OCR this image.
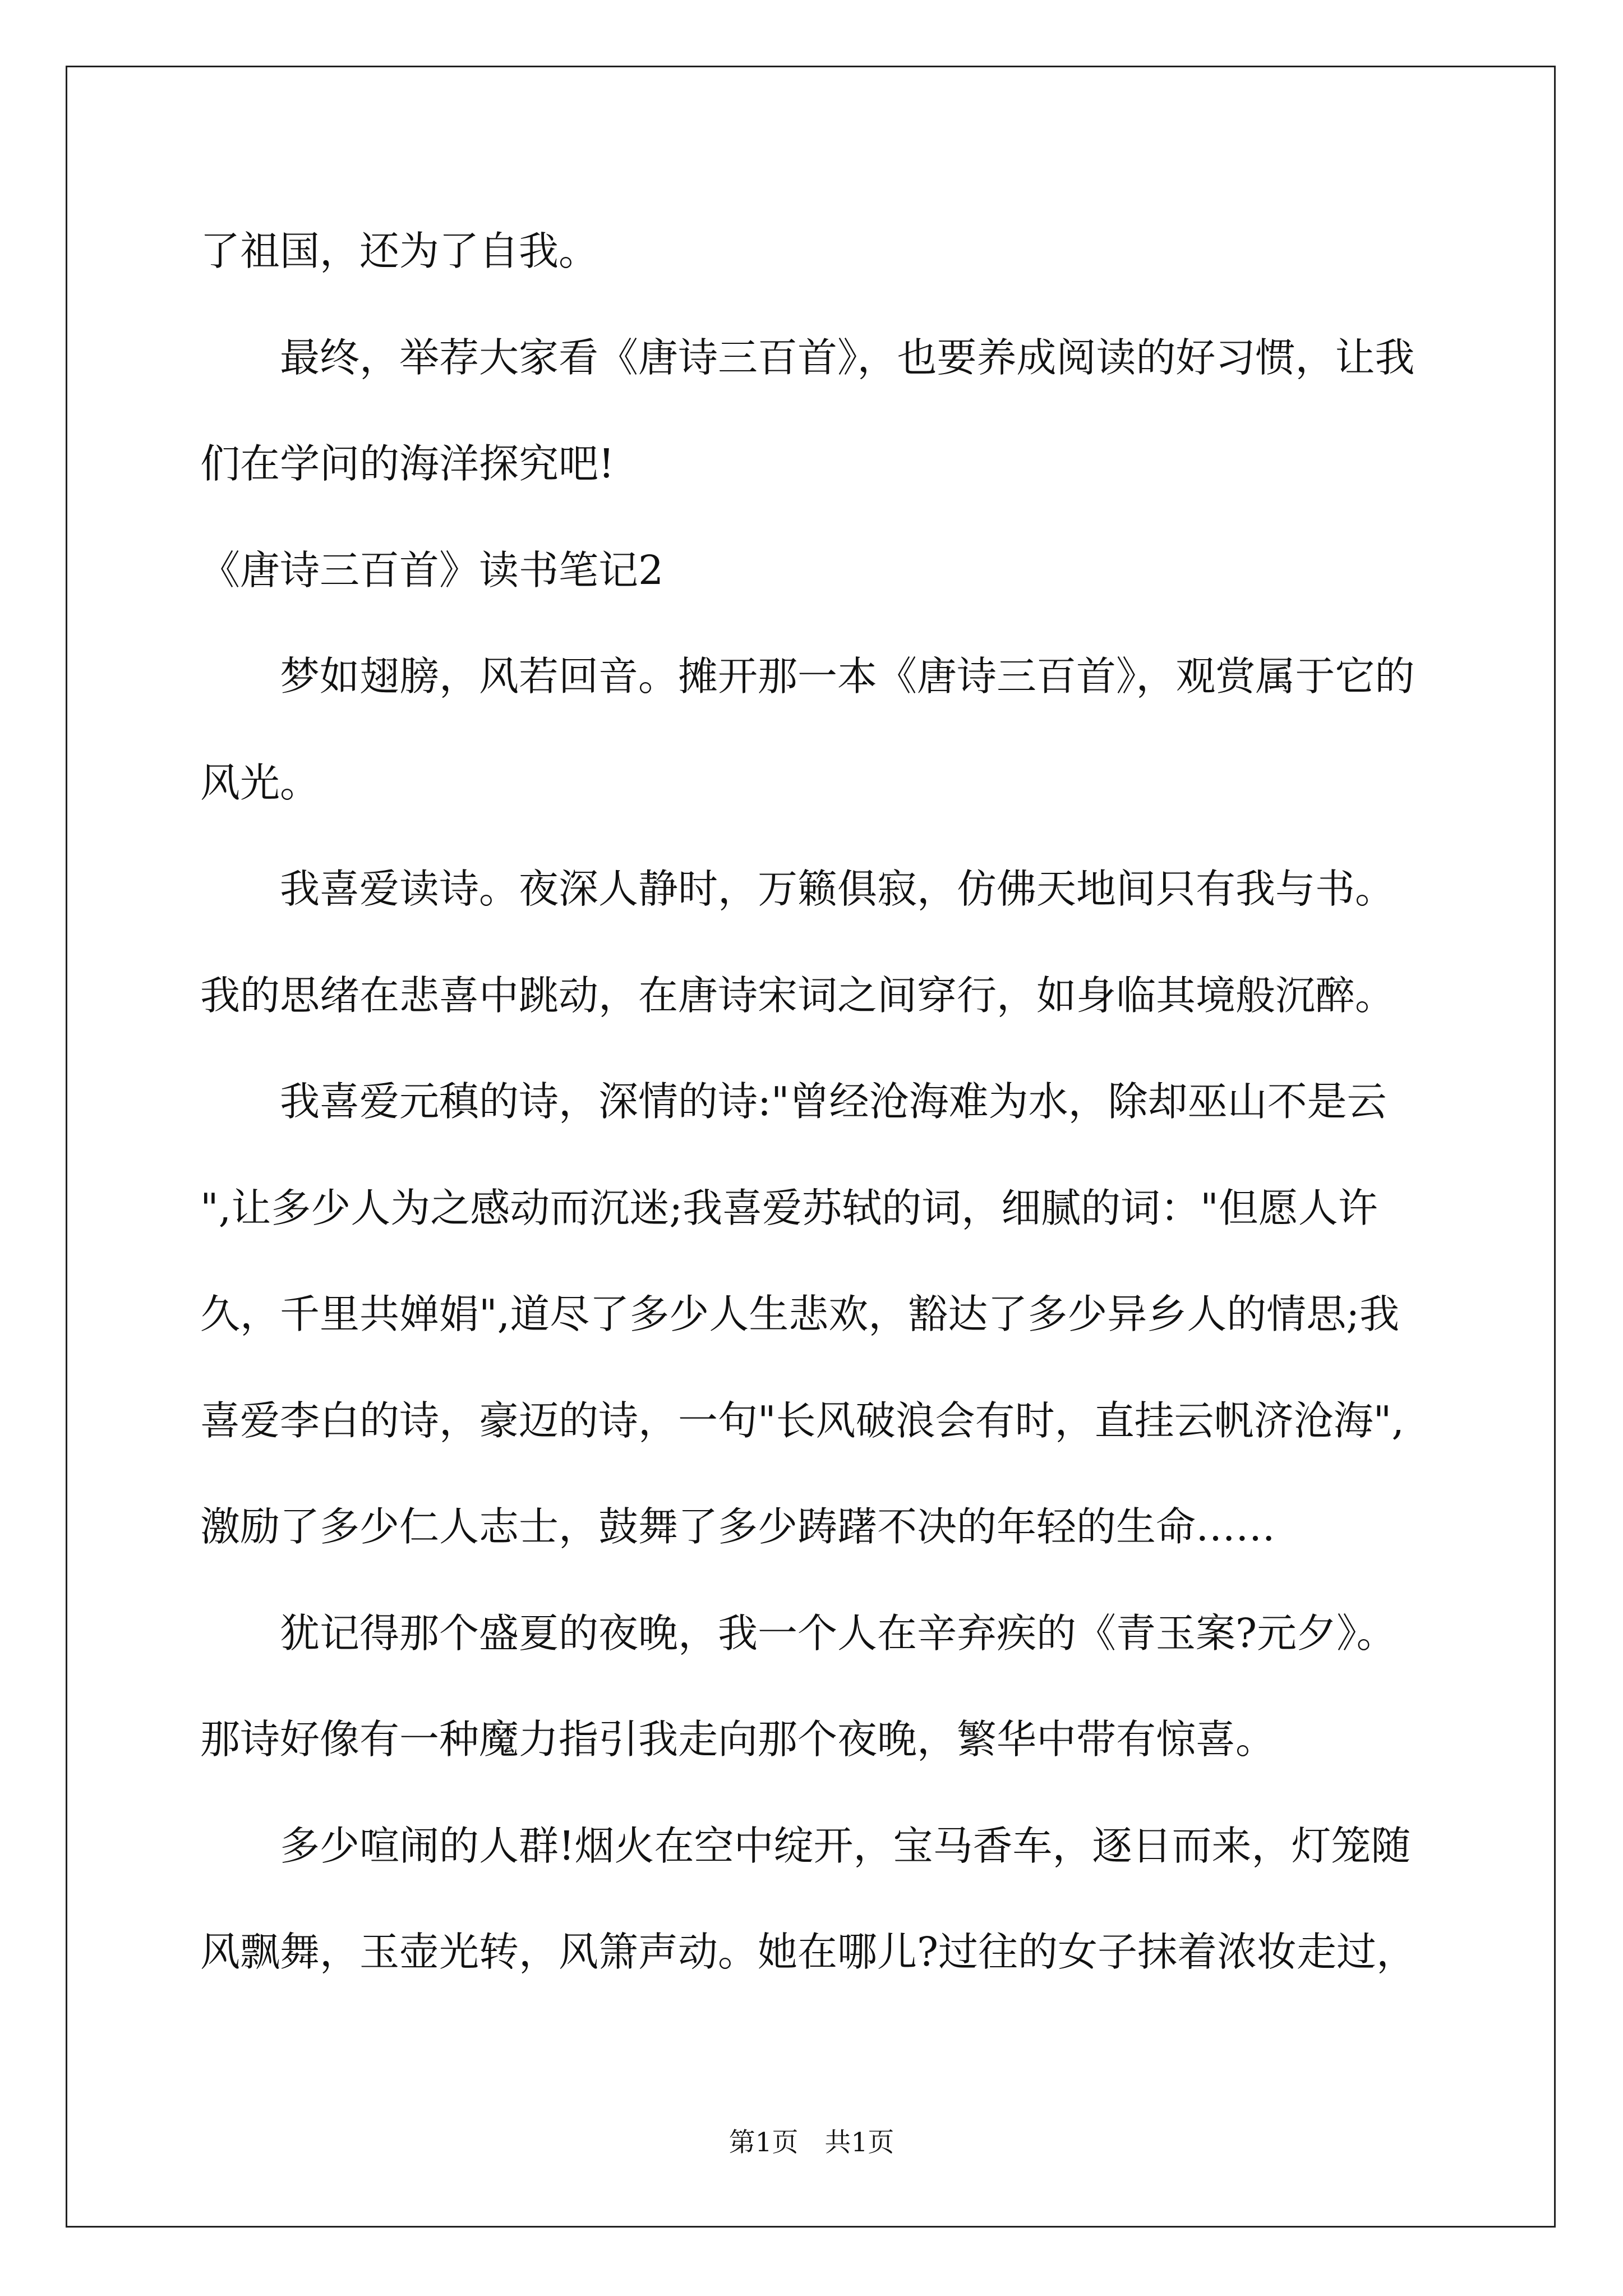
了祖国，还为了自我。
最终，举荐大家看《唐诗三百首》，也要养成阅读的好习惯，让我
们在学问的海洋探究吧!
《唐诗三百首》读书笔记2
梦如翅膀，风若回音。摊开那一本《唐诗三百首》，观赏属于它的
风光。
我喜爱读诗。夜深人静时，万籁俱寂，仿佛天地间只有我与书。
我的思绪在悲喜中跳动，在唐诗宋词之间穿行，如身临其境般沉醉。
我喜爱元稹的诗，深情的诗:"曾经沧海难为水，除却巫山不是云
",让多少人为之感动而沉迷;我喜爱苏轼的词，细腻的词："但愿人许
久，千里共婵娟",道尽了多少人生悲欢，豁达了多少异乡人的情思;我
喜爱李白的诗，豪迈的诗，一句"长风破浪会有时，直挂云帆济沧海",
激励了多少仁人志士，鼓舞了多少踌躇不决的年轻的生命……
犹记得那个盛夏的夜晚，我一个人在辛弃疾的《青玉案?元夕》。
那诗好像有一种魔力指引我走向那个夜晚，繁华中带有惊喜。
多少喧闹的人群!烟火在空中绽开，宝马香车，逐日而来，灯笼随
风飘舞，玉壶光转，风箫声动。她在哪儿?过往的女子抹着浓妆走过，
第1页　共1页
